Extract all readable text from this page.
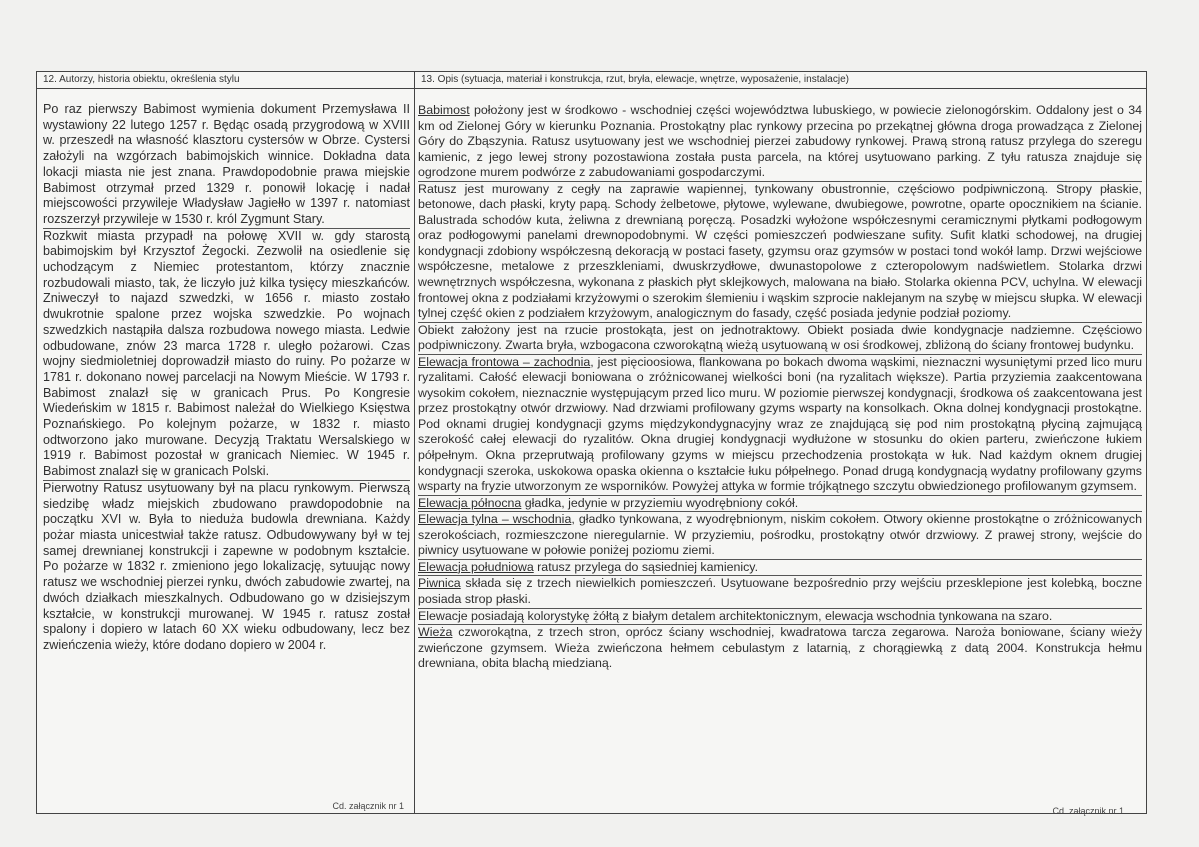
12. Autorzy, historia obiektu, określenia stylu
Po raz pierwszy Babimost wymienia dokument Przemysława II wystawiony 22 lutego 1257 r. Będąc osadą przygrodową w XVIII w. przeszedł na własność klasztoru cystersów w Obrze. Cystersi założyli na wzgórzach babimojskich winnice. Dokładna data lokacji miasta nie jest znana. Prawdopodobnie prawa miejskie Babimost otrzymał przed 1329 r. ponowił lokację i nadał miejscowości przywileje Władysław Jagiełło w 1397 r. natomiast rozszerzył przywileje w 1530 r. król Zygmunt Stary.
Rozkwit miasta przypadł na połowę XVII w. gdy starostą babimojskim był Krzysztof Żegocki. Zezwolił na osiedlenie się uchodzącym z Niemiec protestantom, którzy znacznie rozbudowali miasto, tak, że liczyło już kilka tysięcy mieszkańców. Zniweczył to najazd szwedzki, w 1656 r. miasto zostało dwukrotnie spalone przez wojska szwedzkie. Po wojnach szwedzkich nastąpiła dalsza rozbudowa nowego miasta. Ledwie odbudowane, znów 23 marca 1728 r. uległo pożarowi. Czas wojny siedmioletniej doprowadził miasto do ruiny. Po pożarze w 1781 r. dokonano nowej parcelacji na Nowym Mieście. W 1793 r. Babimost znalazł się w granicach Prus. Po Kongresie Wiedeńskim w 1815 r. Babimost należał do Wielkiego Księstwa Poznańskiego. Po kolejnym pożarze, w 1832 r. miasto odtworzono jako murowane. Decyzją Traktatu Wersalskiego w 1919 r. Babimost pozostał w granicach Niemiec. W 1945 r. Babimost znalazł się w granicach Polski.
Pierwotny Ratusz usytuowany był na placu rynkowym. Pierwszą siedzibę władz miejskich zbudowano prawdopodobnie na początku XVI w. Była to nieduża budowla drewniana. Każdy pożar miasta unicestwiał także ratusz. Odbudowywany był w tej samej drewnianej konstrukcji i zapewne w podobnym kształcie. Po pożarze w 1832 r. zmieniono jego lokalizację, sytuując nowy ratusz we wschodniej pierzei rynku, dwóch zabudowie zwartej, na dwóch działkach mieszkalnych. Odbudowano go w dzisiejszym kształcie, w konstrukcji murowanej. W 1945 r. ratusz został spalony i dopiero w latach 60 XX wieku odbudowany, lecz bez zwieńczenia wieży, które dodano dopiero w 2004 r.
Cd. załącznik nr 1
13. Opis (sytuacja, materiał i konstrukcja, rzut, bryła, elewacje, wnętrze, wyposażenie, instalacje)
Babimost położony jest w środkowo - wschodniej części województwa lubuskiego, w powiecie zielonogórskim. Oddalony jest o 34 km od Zielonej Góry w kierunku Poznania. Prostokątny plac rynkowy przecina po przekątnej główna droga prowadząca z Zielonej Góry do Zbąszynia. Ratusz usytuowany jest we wschodniej pierzei zabudowy rynkowej. Prawą stroną ratusz przylega do szeregu kamienic, z jego lewej strony pozostawiona została pusta parcela, na której usytuowano parking. Z tyłu ratusza znajduje się ogrodzone murem podwórze z zabudowaniami gospodarczymi.
Ratusz jest murowany z cegły na zaprawie wapiennej, tynkowany obustronnie, częściowo podpiwniczoną. Stropy płaskie, betonowe, dach płaski, kryty papą. Schody żelbetowe, płytowe, wylewane, dwubiegowe, powrotne, oparte opocznikiem na ścianie. Balustrada schodów kuta, żeliwna z drewnianą poręczą. Posadzki wyłożone współczesnymi ceramicznymi płytkami podłogowym oraz podłogowymi panelami drewnopodobnymi. W części pomieszczeń podwieszane sufity. Sufit klatki schodowej, na drugiej kondygnacji zdobiony współczesną dekoracją w postaci fasety, gzymsu oraz gzymsów w postaci tond wokół lamp. Drzwi wejściowe współczesne, metalowe z przeszkleniami, dwuskrzydłowe, dwunastopolowe z czteropolowym nadświetlem. Stolarka drzwi wewnętrznych współczesna, wykonana z płaskich płyt sklejkowych, malowana na biało. Stolarka okienna PCV, uchylna. W elewacji frontowej okna z podziałami krzyżowymi o szerokim ślemieniu i wąskim szprocie naklejanym na szybę w miejscu słupka. W elewacji tylnej część okien z podziałem krzyżowym, analogicznym do fasady, część posiada jedynie podział poziomy.
Obiekt założony jest na rzucie prostokąta, jest on jednotraktowy. Obiekt posiada dwie kondygnacje nadziemne. Częściowo podpiwniczony. Zwarta bryła, wzbogacona czworokątną wieżą usytuowaną w osi środkowej, zbliżoną do ściany frontowej budynku.
Elewacja frontowa – zachodnia, jest pięcioosiowa, flankowana po bokach dwoma wąskimi, nieznaczni wysuniętymi przed lico muru ryzalitami. Całość elewacji boniowana o zróżnicowanej wielkości boni (na ryzalitach większe). Partia przyziemia zaakcentowana wysokim cokołem, nieznacznie występującym przed lico muru. W poziomie pierwszej kondygnacji, środkowa oś zaakcentowana jest przez prostokątny otwór drzwiowy. Nad drzwiami profilowany gzyms wsparty na konsolkach. Okna dolnej kondygnacji prostokątne. Pod oknami drugiej kondygnacji gzyms międzykondygnacyjny wraz ze znajdującą się pod nim prostokątną płyciną zajmującą szerokość całej elewacji do ryzalitów. Okna drugiej kondygnacji wydłużone w stosunku do okien parteru, zwieńczone łukiem półpełnym. Okna przeprutwają profilowany gzyms w miejscu przechodzenia prostokąta w łuk. Nad każdym oknem drugiej kondygnacji szeroka, uskokowa opaska okienna o kształcie łuku półpełnego. Ponad drugą kondygnacją wydatny profilowany gzyms wsparty na fryzie utworzonym ze wsporników. Powyżej attyka w formie trójkątnego szczytu obwiedzionego profilowanym gzymsem.
Elewacja północna gładka, jedynie w przyziemiu wyodrębniony cokół.
Elewacja tylna – wschodnia, gładko tynkowana, z wyodrębnionym, niskim cokołem. Otwory okienne prostokątne o zróżnicowanych szerokościach, rozmieszczone nieregularnie. W przyziemiu, pośrodku, prostokątny otwór drzwiowy. Z prawej strony, wejście do piwnicy usytuowane w połowie poniżej poziomu ziemi.
Elewacja południowa ratusz przylega do sąsiedniej kamienicy.
Piwnica składa się z trzech niewielkich pomieszczeń. Usytuowane bezpośrednio przy wejściu przesklepione jest kolebką, boczne posiada strop płaski.
Elewacje posiadają kolorystykę żółtą z białym detalem architektonicznym, elewacja wschodnia tynkowana na szaro.
Wieża czworokątna, z trzech stron, oprócz ściany wschodniej, kwadratowa tarcza zegarowa. Naroża boniowane, ściany wieży zwieńczone gzymsem. Wieża zwieńczona hełmem cebulastym z latarnią, z chorągiewką z datą 2004. Konstrukcja hełmu drewniana, obita blachą miedzianą.
Cd. załącznik nr 1
